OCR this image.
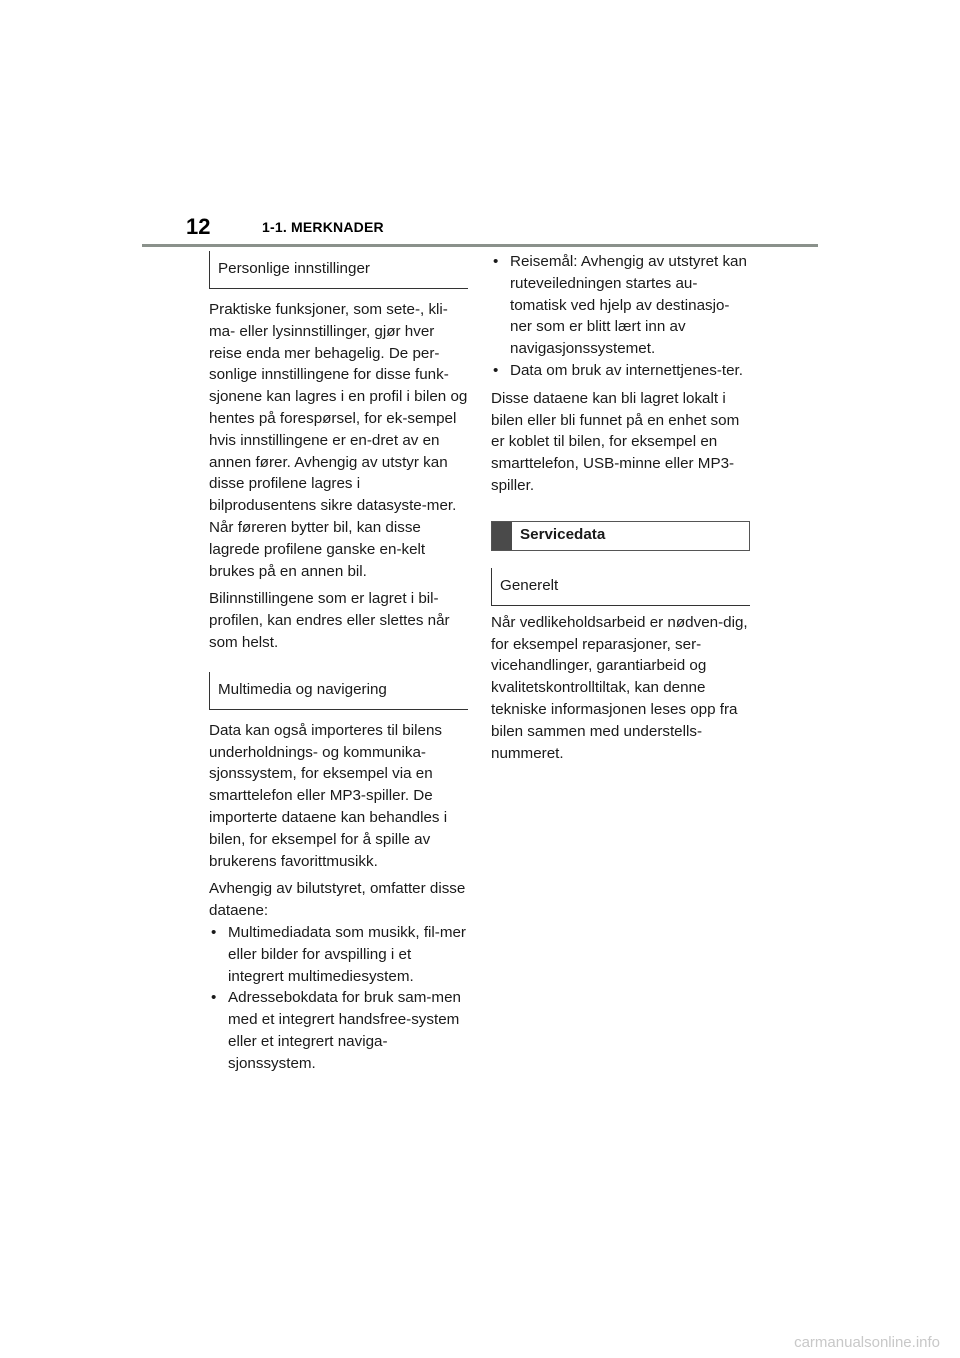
12	1-1. MERKNADER
Personlige innstillinger

Praktiske funksjoner, som sete-, kli-ma- eller lysinnstillinger, gjør hver reise enda mer behagelig. De per-sonlige innstillingene for disse funk-sjonene kan lagres i en profil i bilen og hentes på forespørsel, for ek-sempel hvis innstillingene er en-dret av en annen fører. Avhengig av utstyr kan disse profilene lagres i bilprodusentens sikre datasyste-mer. Når føreren bytter bil, kan disse lagrede profilene ganske en-kelt brukes på en annen bil.

Bilinnstillingene som er lagret i bil-profilen, kan endres eller slettes når som helst.

Multimedia og navigering

Data kan også importeres til bilens underholdnings- og kommunika-sjonssystem, for eksempel via en smarttelefon eller MP3-spiller. De importerte dataene kan behandles i bilen, for eksempel for å spille av brukerens favorittmusikk.

Avhengig av bilutstyret, omfatter disse dataene:

• Multimediadata som musikk, fil-mer eller bilder for avspilling i et integrert multimediesystem.
• Adressebokdata for bruk sam-men med et integrert handsfree-system eller et integrert naviga-sjonssystem.
• Reisemål: Avhengig av utstyret kan ruteveiledningen startes au-tomatisk ved hjelp av destinasjo-ner som er blitt lært inn av navigasjonssystemet.
• Data om bruk av internettjenes-ter.

Disse dataene kan bli lagret lokalt i bilen eller bli funnet på en enhet som er koblet til bilen, for eksempel en smarttelefon, USB-minne eller MP3-spiller.

Servicedata
Generelt

Når vedlikeholdsarbeid er nødven-dig, for eksempel reparasjoner, ser-vicehandlinger, garantiarbeid og kvalitetskontrolltiltak, kan denne tekniske informasjonen leses opp fra bilen sammen med understells-nummeret.

carmanualsonline.info
